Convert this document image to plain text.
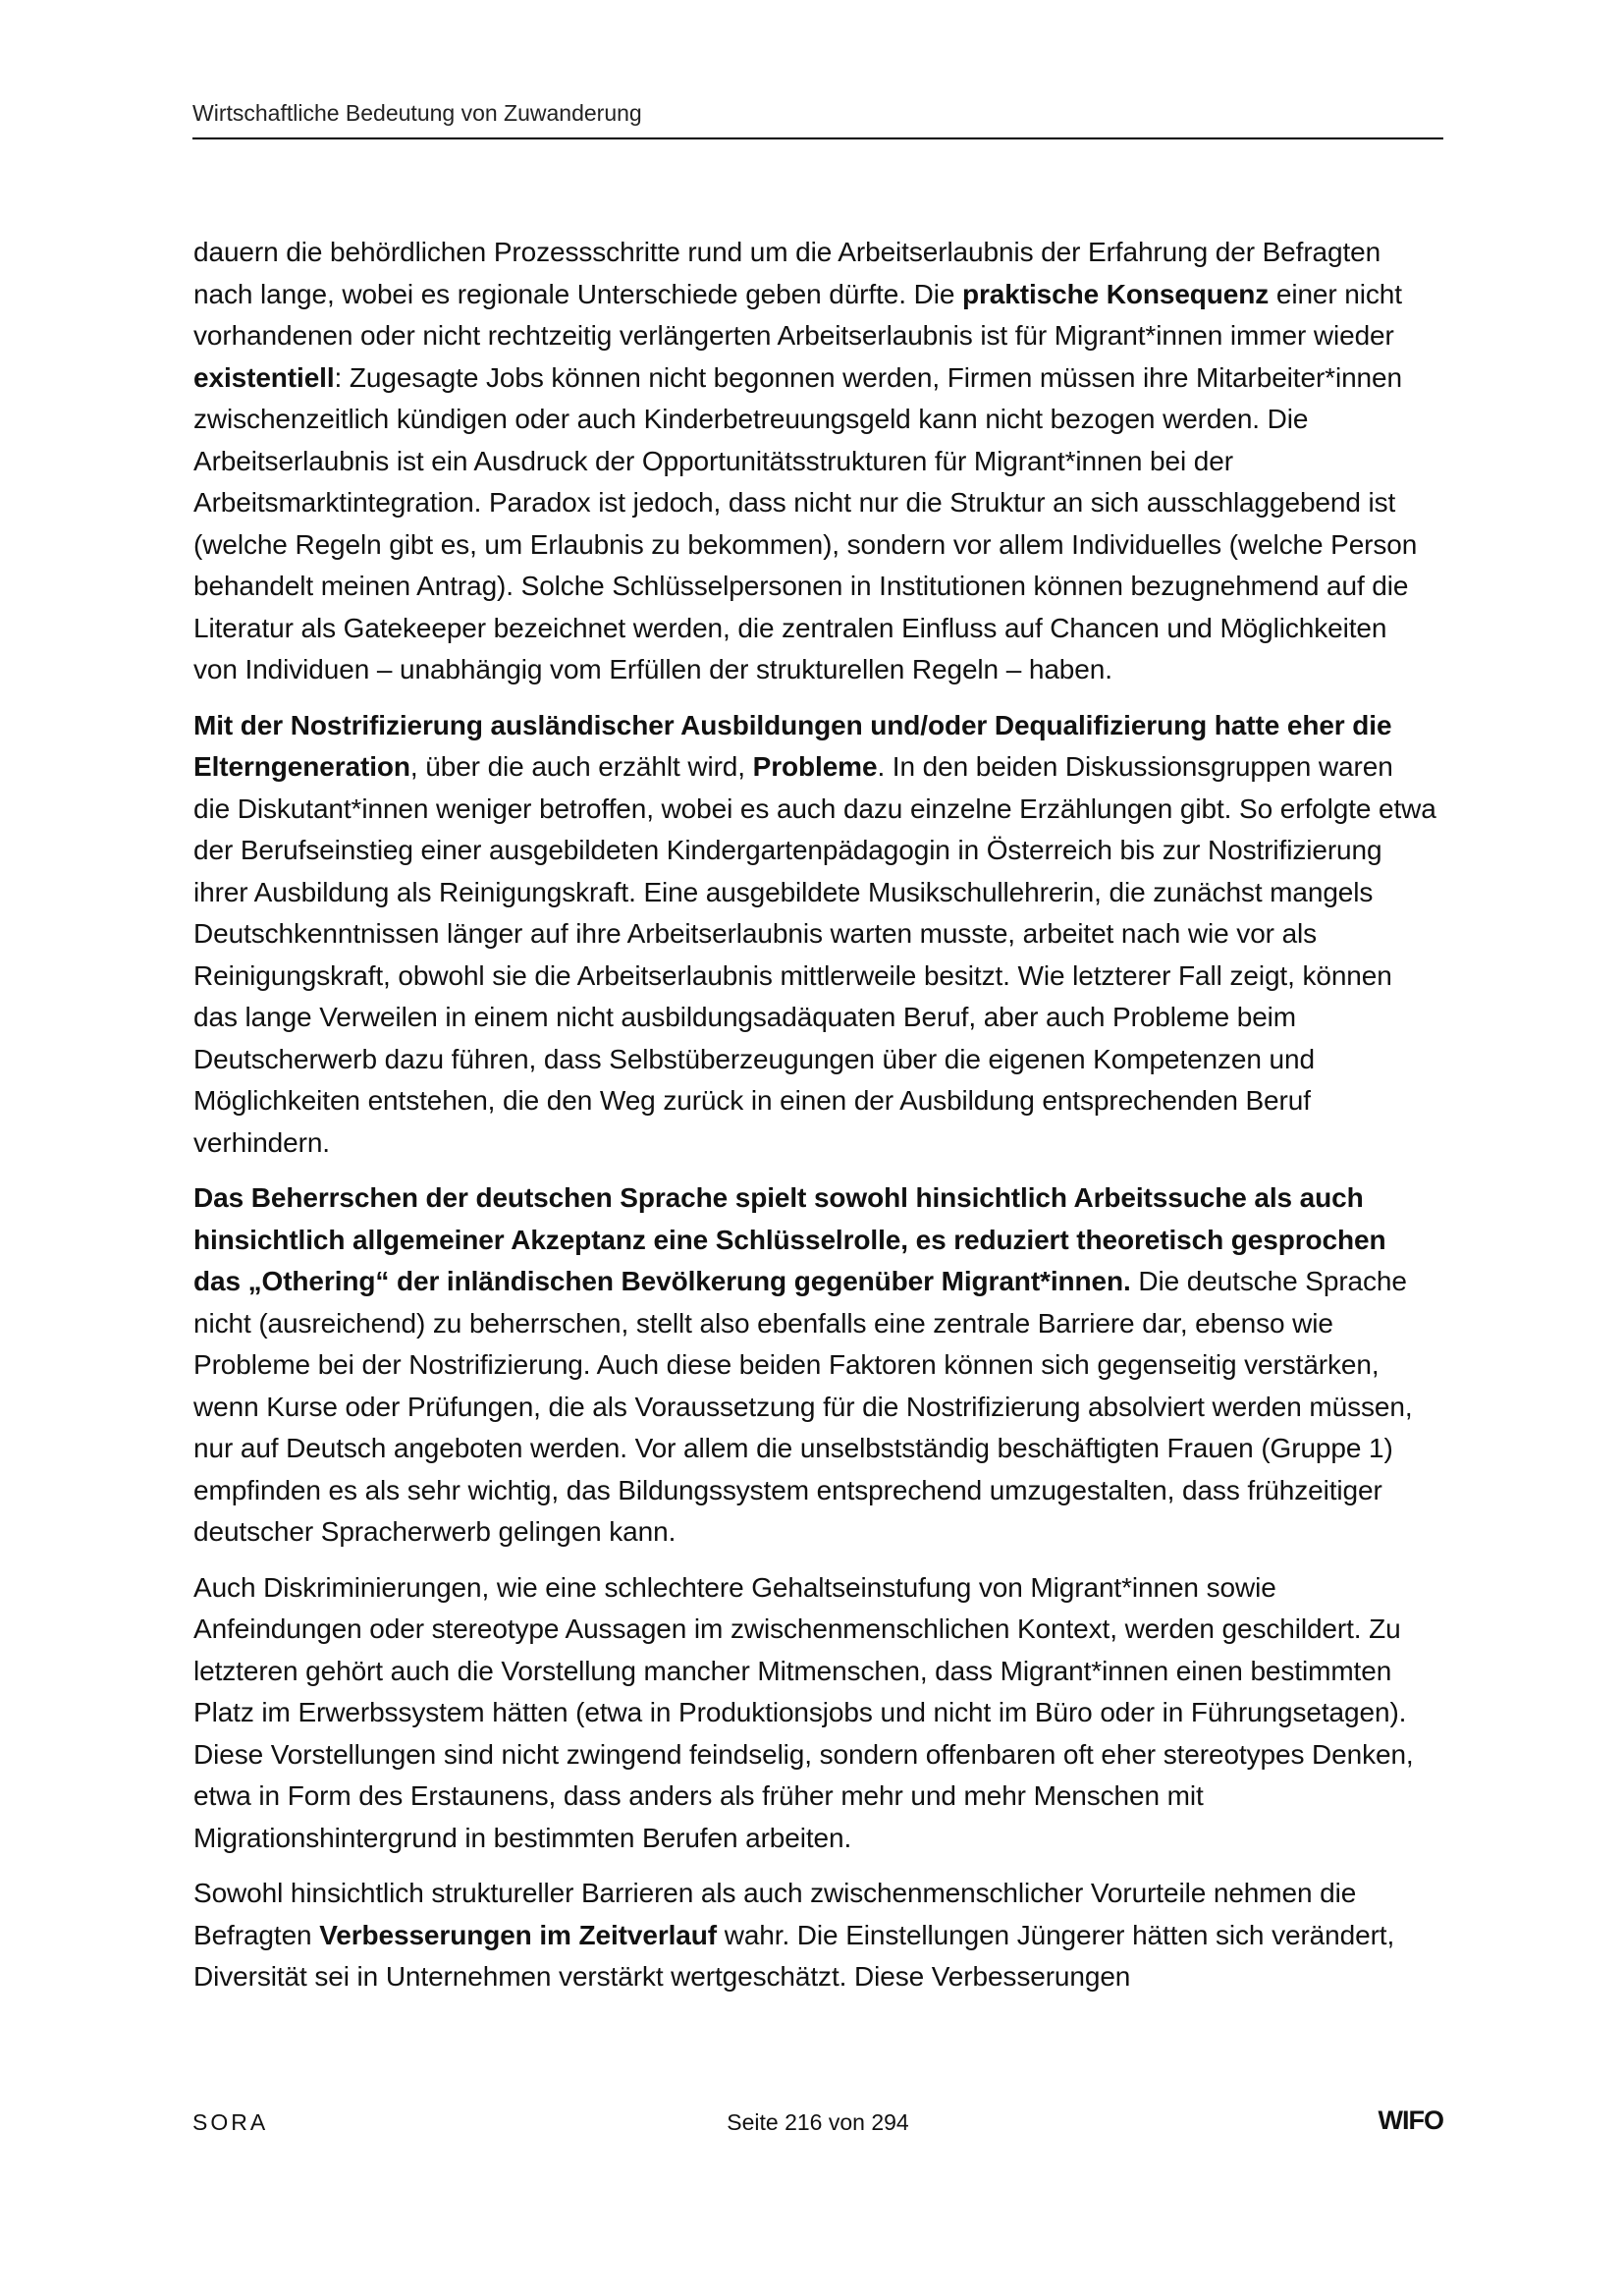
Wirtschaftliche Bedeutung von Zuwanderung

dauern die behördlichen Prozessschritte rund um die Arbeitserlaubnis der Erfahrung der Befragten nach lange, wobei es regionale Unterschiede geben dürfte. Die praktische Konsequenz einer nicht vorhandenen oder nicht rechtzeitig verlängerten Arbeitserlaubnis ist für Migrant*innen immer wieder existentiell: Zugesagte Jobs können nicht begonnen werden, Firmen müssen ihre Mitarbeiter*innen zwischenzeitlich kündigen oder auch Kinderbetreuungsgeld kann nicht bezogen werden. Die Arbeitserlaubnis ist ein Ausdruck der Opportunitätsstrukturen für Migrant*innen bei der Arbeitsmarktintegration. Paradox ist jedoch, dass nicht nur die Struktur an sich ausschlaggebend ist (welche Regeln gibt es, um Erlaubnis zu bekommen), sondern vor allem Individuelles (welche Person behandelt meinen Antrag). Solche Schlüsselpersonen in Institutionen können bezugnehmend auf die Literatur als Gatekeeper bezeichnet werden, die zentralen Einfluss auf Chancen und Möglichkeiten von Individuen – unabhängig vom Erfüllen der strukturellen Regeln – haben.

Mit der Nostrifizierung ausländischer Ausbildungen und/oder Dequalifizierung hatte eher die Elterngeneration, über die auch erzählt wird, Probleme. In den beiden Diskussionsgruppen waren die Diskutant*innen weniger betroffen, wobei es auch dazu einzelne Erzählungen gibt. So erfolgte etwa der Berufseinstieg einer ausgebildeten Kindergartenpädagogin in Österreich bis zur Nostrifizierung ihrer Ausbildung als Reinigungskraft. Eine ausgebildete Musikschullehrerin, die zunächst mangels Deutschkenntnissen länger auf ihre Arbeitserlaubnis warten musste, arbeitet nach wie vor als Reinigungskraft, obwohl sie die Arbeitserlaubnis mittlerweile besitzt. Wie letzterer Fall zeigt, können das lange Verweilen in einem nicht ausbildungsadäquaten Beruf, aber auch Probleme beim Deutscherwerb dazu führen, dass Selbstüberzeugungen über die eigenen Kompetenzen und Möglichkeiten entstehen, die den Weg zurück in einen der Ausbildung entsprechenden Beruf verhindern.

Das Beherrschen der deutschen Sprache spielt sowohl hinsichtlich Arbeitssuche als auch hinsichtlich allgemeiner Akzeptanz eine Schlüsselrolle, es reduziert theoretisch gesprochen das „Othering“ der inländischen Bevölkerung gegenüber Migrant*innen. Die deutsche Sprache nicht (ausreichend) zu beherrschen, stellt also ebenfalls eine zentrale Barriere dar, ebenso wie Probleme bei der Nostrifizierung. Auch diese beiden Faktoren können sich gegenseitig verstärken, wenn Kurse oder Prüfungen, die als Voraussetzung für die Nostrifizierung absolviert werden müssen, nur auf Deutsch angeboten werden. Vor allem die unselbstständig beschäftigten Frauen (Gruppe 1) empfinden es als sehr wichtig, das Bildungssystem entsprechend umzugestalten, dass frühzeitiger deutscher Spracherwerb gelingen kann.

Auch Diskriminierungen, wie eine schlechtere Gehaltseinstufung von Migrant*innen sowie Anfeindungen oder stereotype Aussagen im zwischenmenschlichen Kontext, werden geschildert. Zu letzteren gehört auch die Vorstellung mancher Mitmenschen, dass Migrant*innen einen bestimmten Platz im Erwerbssystem hätten (etwa in Produktionsjobs und nicht im Büro oder in Führungsetagen). Diese Vorstellungen sind nicht zwingend feindselig, sondern offenbaren oft eher stereotypes Denken, etwa in Form des Erstaunens, dass anders als früher mehr und mehr Menschen mit Migrationshintergrund in bestimmten Berufen arbeiten.

Sowohl hinsichtlich struktureller Barrieren als auch zwischenmenschlicher Vorurteile nehmen die Befragten Verbesserungen im Zeitverlauf wahr. Die Einstellungen Jüngerer hätten sich verändert, Diversität sei in Unternehmen verstärkt wertgeschätzt. Diese Verbesserungen

SORA	Seite 216 von 294	WIFO
